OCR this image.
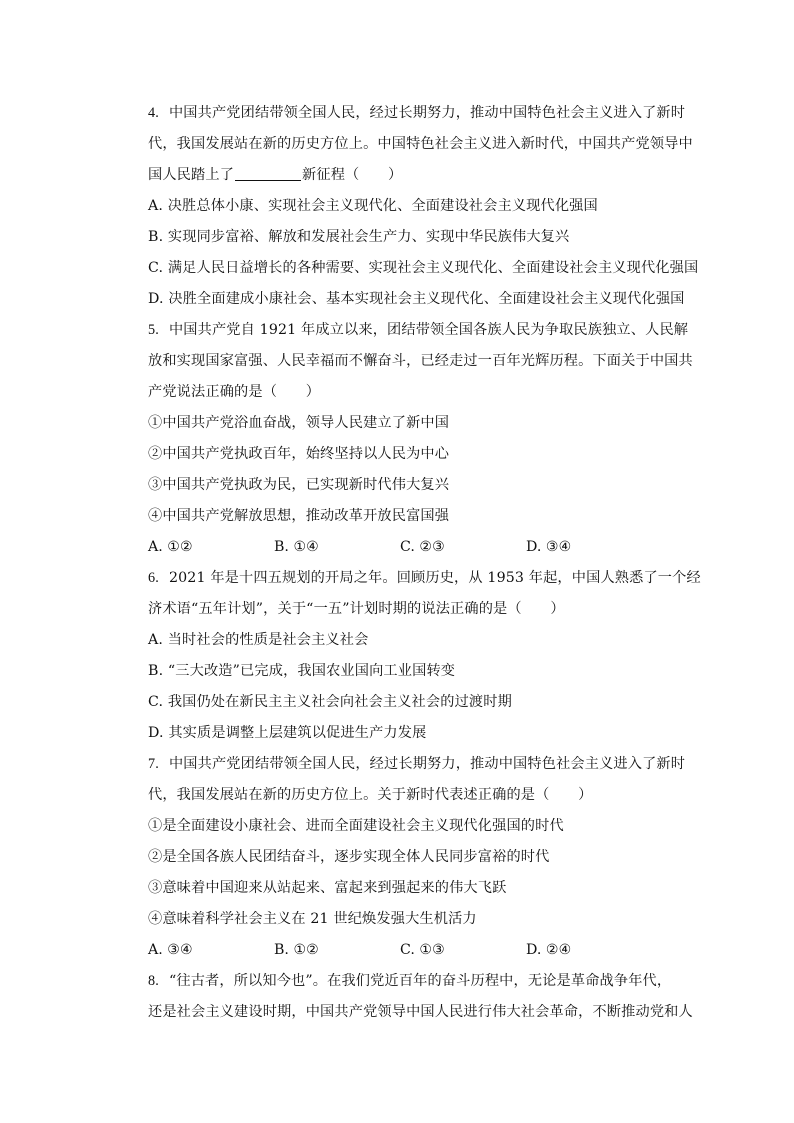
4. 中国共产党团结带领全国人民，经过长期努力，推动中国特色社会主义进入了新时
代，我国发展站在新的历史方位上。中国特色社会主义进入新时代，中国共产党领导中
国人民踏上了	新征程（　　）
A. 决胜总体小康、实现社会主义现代化、全面建设社会主义现代化强国
B. 实现同步富裕、解放和发展社会生产力、实现中华民族伟大复兴
C. 满足人民日益增长的各种需要、实现社会主义现代化、全面建设社会主义现代化强国
D. 决胜全面建成小康社会、基本实现社会主义现代化、全面建设社会主义现代化强国
5. 中国共产党自 1921 年成立以来，团结带领全国各族人民为争取民族独立、人民解
放和实现国家富强、人民幸福而不懈奋斗，已经走过一百年光辉历程。下面关于中国共
产党说法正确的是（　　）
①中国共产党浴血奋战，领导人民建立了新中国
②中国共产党执政百年，始终坚持以人民为中心
③中国共产党执政为民，已实现新时代伟大复兴
④中国共产党解放思想，推动改革开放民富国强
A. ①②	B. ①④	C. ②③	D. ③④
6. 2021 年是十四五规划的开局之年。回顾历史，从 1953 年起，中国人熟悉了一个经
济术语“五年计划”，关于“一五”计划时期的说法正确的是（　　）
A. 当时社会的性质是社会主义社会
B. “三大改造”已完成，我国农业国向工业国转变
C. 我国仍处在新民主主义社会向社会主义社会的过渡时期
D. 其实质是调整上层建筑以促进生产力发展
7. 中国共产党团结带领全国人民，经过长期努力，推动中国特色社会主义进入了新时
代，我国发展站在新的历史方位上。关于新时代表述正确的是（　　）
①是全面建设小康社会、进而全面建设社会主义现代化强国的时代
②是全国各族人民团结奋斗，逐步实现全体人民同步富裕的时代
③意味着中国迎来从站起来、富起来到强起来的伟大飞跃
④意味着科学社会主义在 21 世纪焕发强大生机活力
A. ③④	B. ①②	C. ①③	D. ②④
8. “往古者，所以知今也”。在我们党近百年的奋斗历程中，无论是革命战争年代，
还是社会主义建设时期，中国共产党领导中国人民进行伟大社会革命，不断推动党和人
